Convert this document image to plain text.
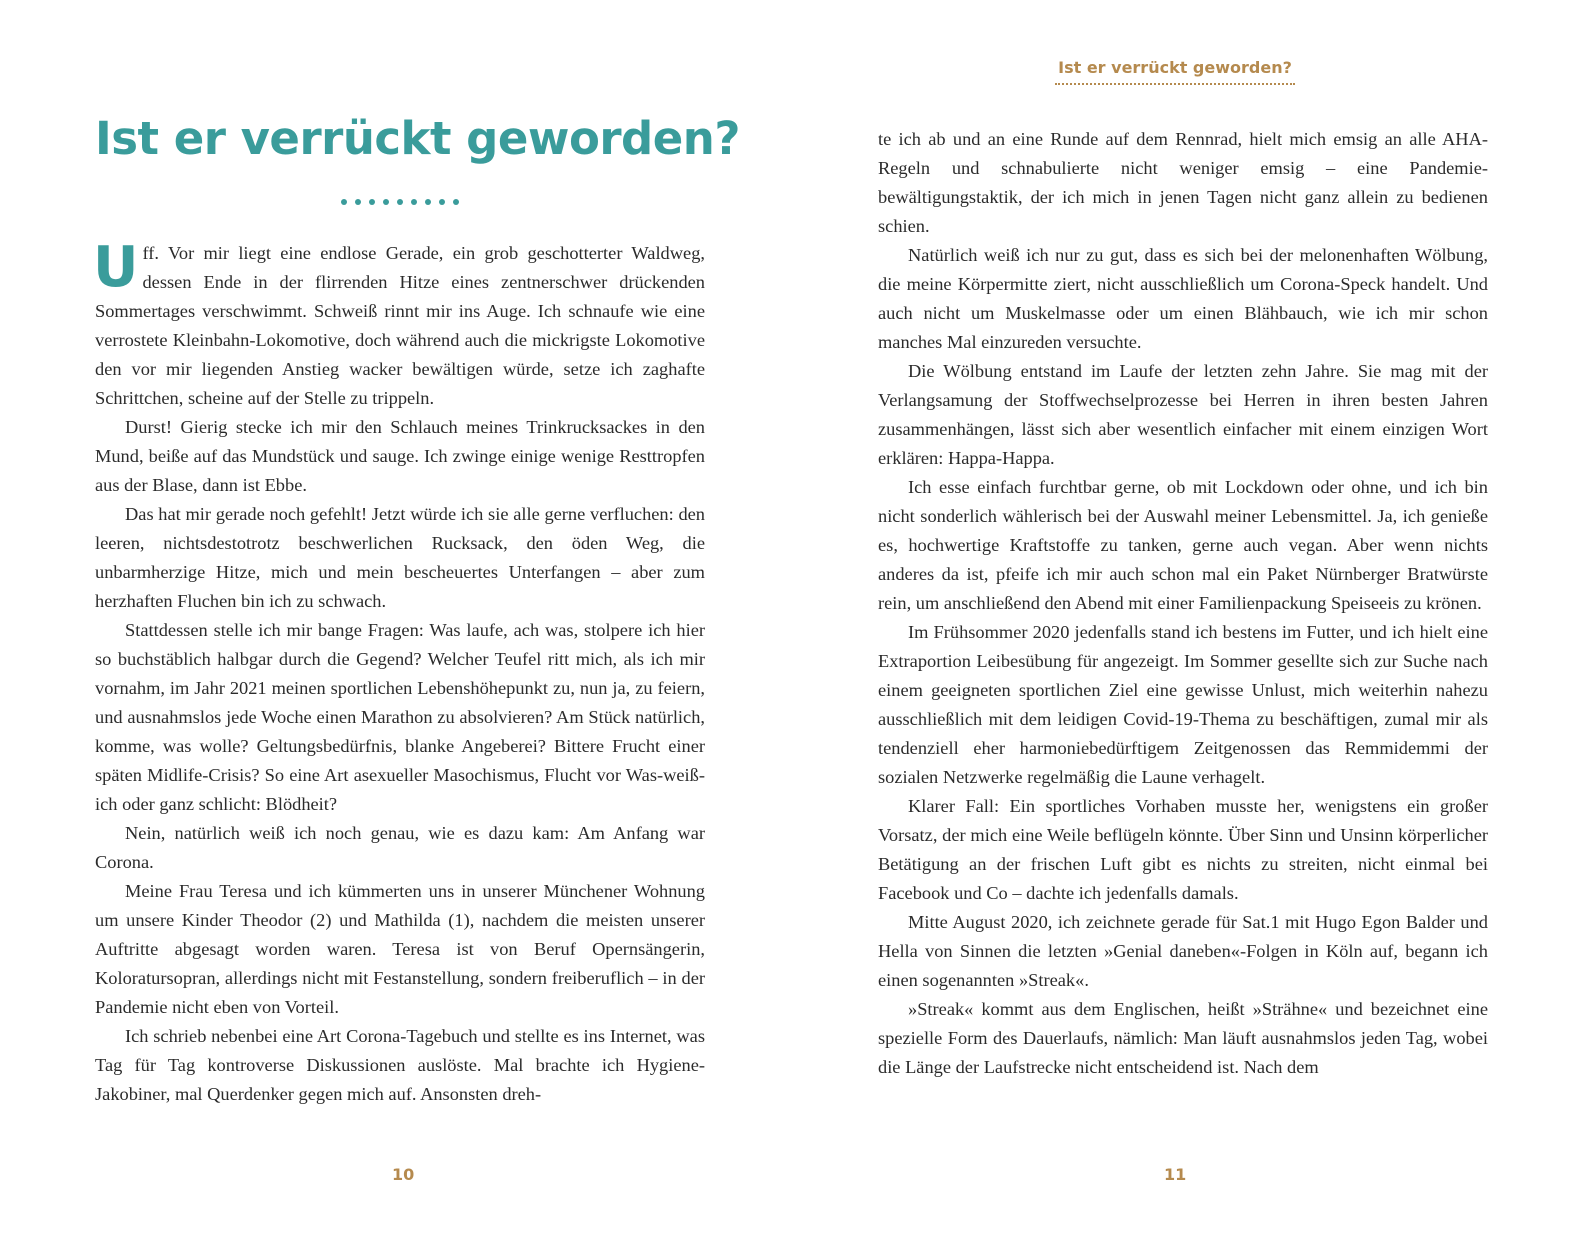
Ist er verrückt geworden?

Uff. Vor mir liegt eine endlose Gerade, ein grob geschotterter Waldweg, dessen Ende in der flirrenden Hitze eines zentnerschwer drückenden Sommertages verschwimmt. Schweiß rinnt mir ins Auge. Ich schnaufe wie eine verrostete Kleinbahn-Lokomotive, doch während auch die mickrigste Lokomotive den vor mir liegenden Anstieg wacker bewältigen würde, setze ich zaghafte Schrittchen, scheine auf der Stelle zu trippeln.

Durst! Gierig stecke ich mir den Schlauch meines Trinkrucksackes in den Mund, beiße auf das Mundstück und sauge. Ich zwinge einige wenige Resttropfen aus der Blase, dann ist Ebbe.

Das hat mir gerade noch gefehlt! Jetzt würde ich sie alle gerne verfluchen: den leeren, nichtsdestotrotz beschwerlichen Rucksack, den öden Weg, die unbarmherzige Hitze, mich und mein bescheuertes Unterfangen – aber zum herzhaften Fluchen bin ich zu schwach.

Stattdessen stelle ich mir bange Fragen: Was laufe, ach was, stolpere ich hier so buchstäblich halbgar durch die Gegend? Welcher Teufel ritt mich, als ich mir vornahm, im Jahr 2021 meinen sportlichen Lebenshöhepunkt zu, nun ja, zu feiern, und ausnahmslos jede Woche einen Marathon zu absolvieren? Am Stück natürlich, komme, was wolle? Geltungsbedürfnis, blanke Angeberei? Bittere Frucht einer späten Midlife-Crisis? So eine Art asexueller Masochismus, Flucht vor Was-weiß-ich oder ganz schlicht: Blödheit?

Nein, natürlich weiß ich noch genau, wie es dazu kam: Am Anfang war Corona.

Meine Frau Teresa und ich kümmerten uns in unserer Münchener Wohnung um unsere Kinder Theodor (2) und Mathilda (1), nachdem die meisten unserer Auftritte abgesagt worden waren. Teresa ist von Beruf Opernsängerin, Koloratursopran, allerdings nicht mit Festanstellung, sondern freiberuflich – in der Pandemie nicht eben von Vorteil.

Ich schrieb nebenbei eine Art Corona-Tagebuch und stellte es ins Internet, was Tag für Tag kontroverse Diskussionen auslöste. Mal brachte ich Hygiene-Jakobiner, mal Querdenker gegen mich auf. Ansonsten dreh-

10
Ist er verrückt geworden?

te ich ab und an eine Runde auf dem Rennrad, hielt mich emsig an alle AHA-Regeln und schnabulierte nicht weniger emsig – eine Pandemiebewältigungstaktik, der ich mich in jenen Tagen nicht ganz allein zu bedienen schien.

Natürlich weiß ich nur zu gut, dass es sich bei der melonenhaften Wölbung, die meine Körpermitte ziert, nicht ausschließlich um Corona-Speck handelt. Und auch nicht um Muskelmasse oder um einen Blähbauch, wie ich mir schon manches Mal einzureden versuchte.

Die Wölbung entstand im Laufe der letzten zehn Jahre. Sie mag mit der Verlangsamung der Stoffwechselprozesse bei Herren in ihren besten Jahren zusammenhängen, lässt sich aber wesentlich einfacher mit einem einzigen Wort erklären: Happa-Happa.

Ich esse einfach furchtbar gerne, ob mit Lockdown oder ohne, und ich bin nicht sonderlich wählerisch bei der Auswahl meiner Lebensmittel. Ja, ich genieße es, hochwertige Kraftstoffe zu tanken, gerne auch vegan. Aber wenn nichts anderes da ist, pfeife ich mir auch schon mal ein Paket Nürnberger Bratwürste rein, um anschließend den Abend mit einer Familienpackung Speiseeis zu krönen.

Im Frühsommer 2020 jedenfalls stand ich bestens im Futter, und ich hielt eine Extraportion Leibesübung für angezeigt. Im Sommer gesellte sich zur Suche nach einem geeigneten sportlichen Ziel eine gewisse Unlust, mich weiterhin nahezu ausschließlich mit dem leidigen Covid-19-Thema zu beschäftigen, zumal mir als tendenziell eher harmoniebedürftigem Zeitgenossen das Remmidemmi der sozialen Netzwerke regelmäßig die Laune verhagelt.

Klarer Fall: Ein sportliches Vorhaben musste her, wenigstens ein großer Vorsatz, der mich eine Weile beflügeln könnte. Über Sinn und Unsinn körperlicher Betätigung an der frischen Luft gibt es nichts zu streiten, nicht einmal bei Facebook und Co – dachte ich jedenfalls damals.

Mitte August 2020, ich zeichnete gerade für Sat.1 mit Hugo Egon Balder und Hella von Sinnen die letzten »Genial daneben«-Folgen in Köln auf, begann ich einen sogenannten »Streak«.

»Streak« kommt aus dem Englischen, heißt »Strähne« und bezeichnet eine spezielle Form des Dauerlaufs, nämlich: Man läuft ausnahmslos jeden Tag, wobei die Länge der Laufstrecke nicht entscheidend ist. Nach dem

11
